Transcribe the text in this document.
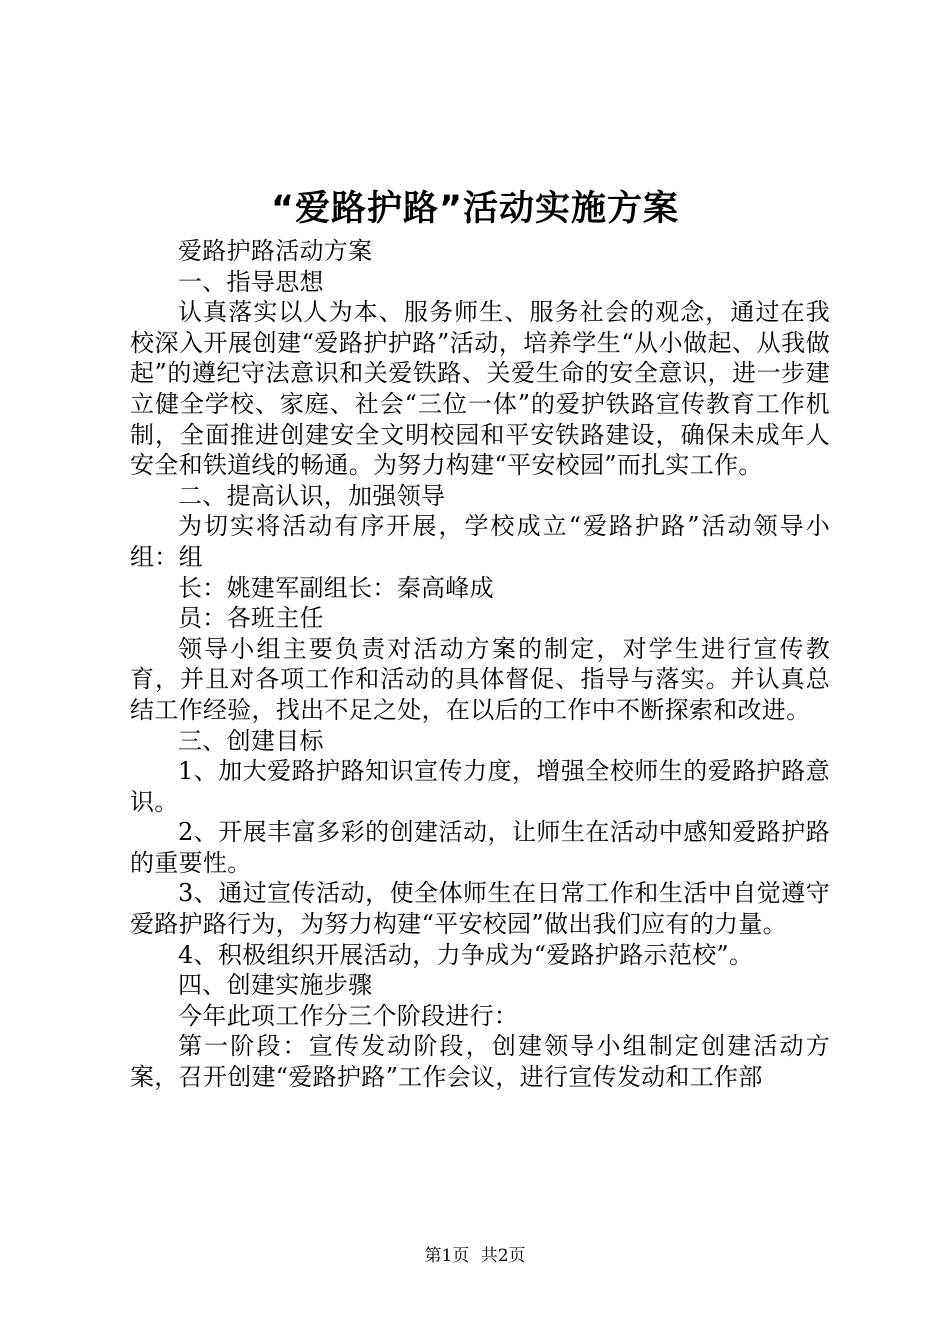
“爱路护路”活动实施方案

爱路护路活动方案

一、指导思想

认真落实以人为本、服务师生、服务社会的观念，通过在我校深入开展创建“爱路护护路”活动，培养学生“从小做起、从我做起”的遵纪守法意识和关爱铁路、关爱生命的安全意识，进一步建立健全学校、家庭、社会“三位一体”的爱护铁路宣传教育工作机制，全面推进创建安全文明校园和平安铁路建设，确保未成年人安全和铁道线的畅通。为努力构建“平安校园”而扎实工作。

二、提高认识，加强领导

为切实将活动有序开展，学校成立“爱路护路”活动领导小组：组

长：姚建军副组长：秦高峰成

员：各班主任

领导小组主要负责对活动方案的制定，对学生进行宣传教育，并且对各项工作和活动的具体督促、指导与落实。并认真总结工作经验，找出不足之处，在以后的工作中不断探索和改进。

三、创建目标

1、加大爱路护路知识宣传力度，增强全校师生的爱路护路意识。

2、开展丰富多彩的创建活动，让师生在活动中感知爱路护路的重要性。

3、通过宣传活动，使全体师生在日常工作和生活中自觉遵守爱路护路行为，为努力构建“平安校园”做出我们应有的力量。

4、积极组织开展活动，力争成为“爱路护路示范校”。

四、创建实施步骤

今年此项工作分三个阶段进行：

第一阶段：宣传发动阶段，创建领导小组制定创建活动方案，召开创建“爱路护路”工作会议，进行宣传发动和工作部

第1页 共2页
